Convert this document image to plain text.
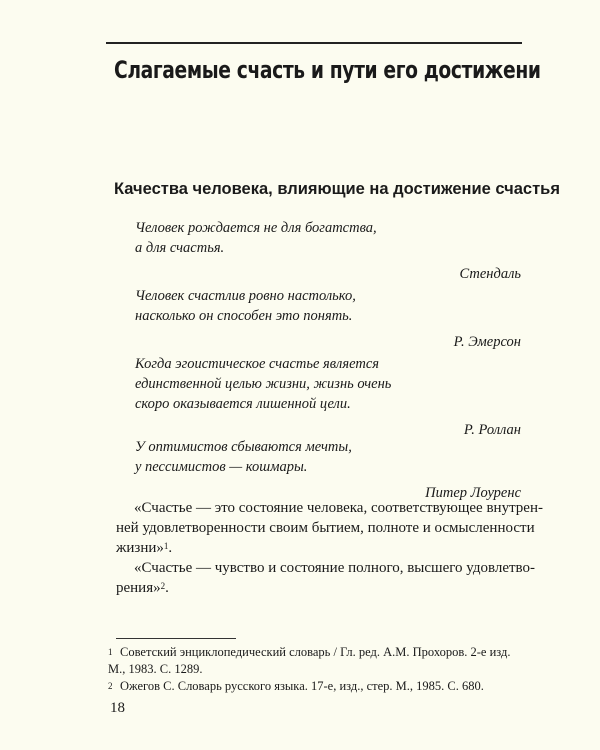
Слагаемые счасть и пути его достижени
Качества человека, влияющие на достижение счастья
Человек рождается не для богатства,
а для счастья.
Стендаль
Человек счастлив ровно настолько,
насколько он способен это понять.
Р. Эмерсон
Когда эгоистическое счастье является
единственной целью жизни, жизнь очень
скоро оказывается лишенной цели.
Р. Роллан
У оптимистов сбываются мечты,
у пессимистов — кошмары.
Питер Лоуренс
«Счастье — это состояние человека, соответствующее внутрен-
ней удовлетворенности своим бытием, полноте и осмысленности
жизни»$^1$.
«Счастье — чувство и состояние полного, высшего удовлетво-
рения»$^2$.
1 Советский энциклопедический словарь / Гл. ред. А.М. Прохоров. 2-е изд.
М., 1983. С. 1289.
2 Ожегов С. Словарь русского языка. 17-е, изд., стер. М., 1985. С. 680.
18
